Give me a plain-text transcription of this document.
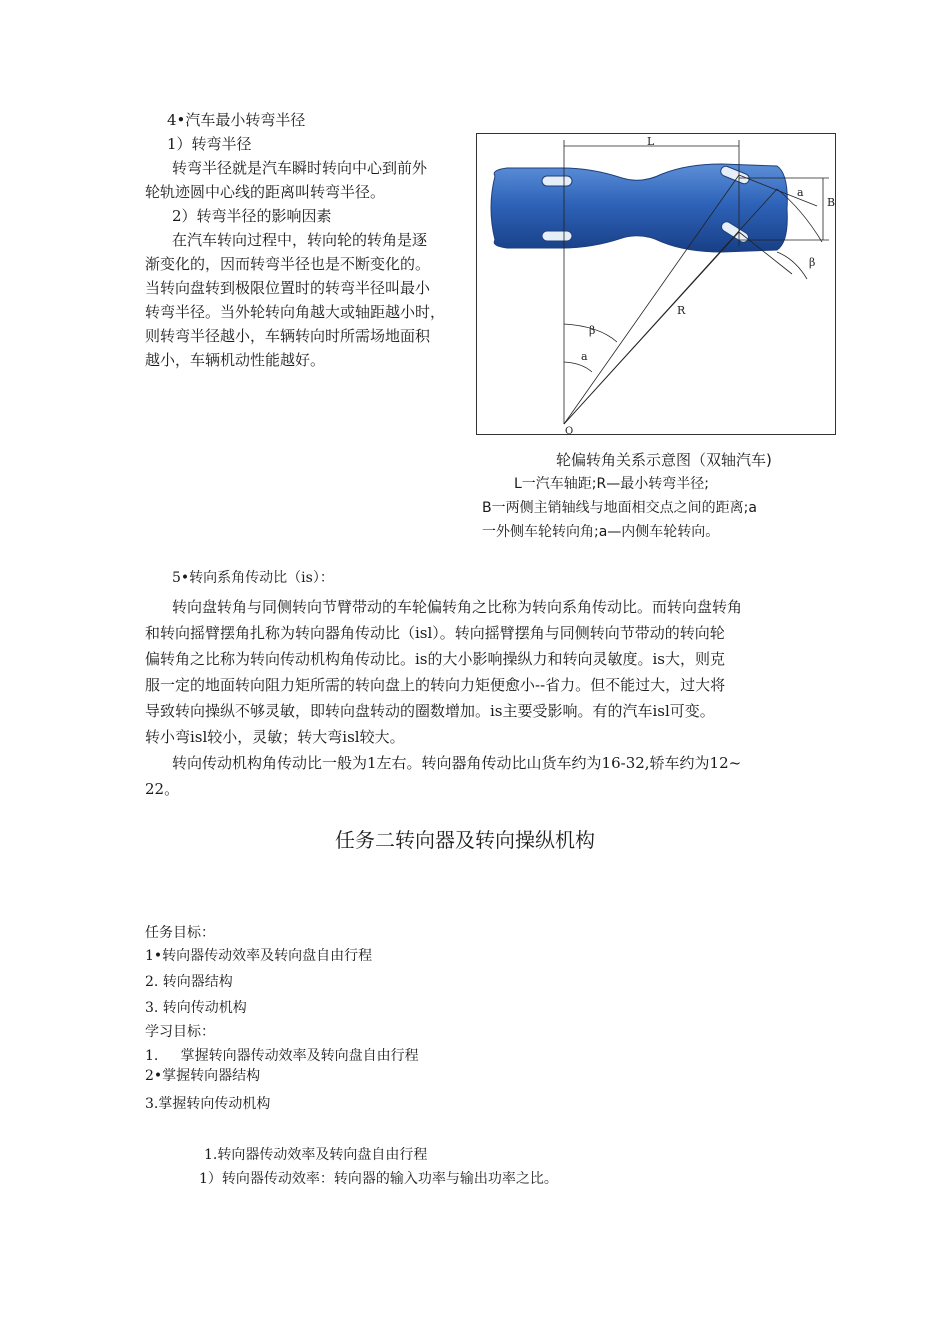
4•汽车最小转弯半径
1）转弯半径
转弯半径就是汽车瞬时转向中心到前外
轮轨迹圆中心线的距离叫转弯半径。
2）转弯半径的影响因素
在汽车转向过程中，转向轮的转角是逐
渐变化的，因而转弯半径也是不断变化的。
当转向盘转到极限位置时的转弯半径叫最小
转弯半径。当外轮转向角越大或轴距越小时，
则转弯半径越小，车辆转向时所需场地面积
越小，车辆机动性能越好。
L
B
R
O
a
β
a
β
轮偏转角关系示意图（双轴汽车)
L一汽车轴距;R—最小转弯半径;
B一两侧主销轴线与地面相交点之间的距离;a
一外侧车轮转向角;a—内侧车轮转向。
5•转向系角传动比（is）：
转向盘转角与同侧转向节臂带动的车轮偏转角之比称为转向系角传动比。而转向盘转角
和转向摇臂摆角扎称为转向器角传动比（isl）。转向摇臂摆角与同侧转向节带动的转向轮
偏转角之比称为转向传动机构角传动比。is的大小影响操纵力和转向灵敏度。is大，则克
服一定的地面转向阻力矩所需的转向盘上的转向力矩便愈小--省力。但不能过大，过大将
导致转向操纵不够灵敏，即转向盘转动的圈数增加。is主要受影响。有的汽车isl可变。
转小弯isl较小，灵敏；转大弯isl较大。
转向传动机构角传动比一般为1左右。转向器角传动比山货车约为16-32,轿车约为12~
22。
任务二转向器及转向操纵机构
任务目标：
1•转向器传动效率及转向盘自由行程
2. 转向器结构
3. 转向传动机构
学习目标：
1.     掌握转向器传动效率及转向盘自由行程
2•掌握转向器结构
3.掌握转向传动机构
1.转向器传动效率及转向盘自由行程
1）转向器传动效率：转向器的输入功率与输出功率之比。
